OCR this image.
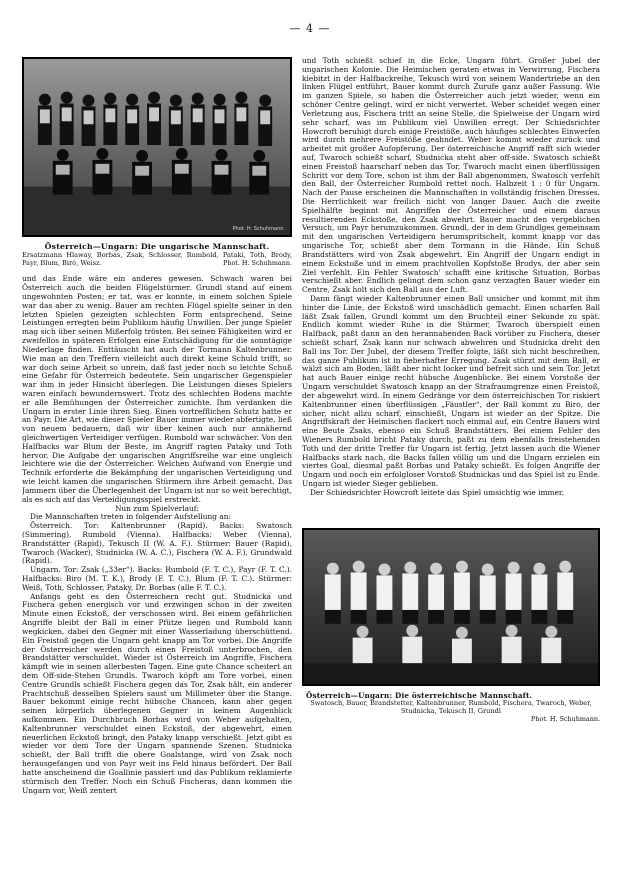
— 4 —
Phot. H. Schuhmann.
Österreich—Ungarn: Die ungarische Mannschaft.
Ersatzmann Hlaway, Borbás, Zsak, Schlosser, Rumbold, Pataki, Toth, Brody, Payr, Blum, Biró, Weisz.	Phot. H. Schuhmann.

und das Ende wäre ein anderes gewesen. Schwach waren bei Österreich auch die beiden Flügelstürmer. Grundl stand auf einem ungewohnten Posten; er tat, was er konnte, in einem solchen Spiele war das aber zu wenig. Bauer am rechten Flügel spielte seiner in den letzten Spielen gezeigten schlechten Form entsprechend. Seine Leistungen erregten beim Publikum häufig Unwillen. Der junge Spieler mag sich über seinen Mißerfolg trösten. Bei seinen Fähigkeiten wird er zweifellos in späteren Erfolgen eine Entschädigung für die sonntägige Niederlage finden. Enttäuscht hat auch der Tormann Kaltenbrunner. Wie man an den Treffern vielleicht auch direkt keine Schuld trifft, so war doch seine Arbeit so unrein, daß fast jeder noch so leichte Schuß eine Gefahr für Österreich bedeutete. Sein ungarischer Gegenspieler war ihm in jeder Hinsicht überlegen. Die Leistungen dieses Spielers waren einfach bewundernswert. Trotz des schlechten Bodens machte er alle Bemühungen der Österreicher zunichte. Ihm verdanken die Ungarn in erster Linie ihren Sieg. Einen vortrefflichen Schutz hatte er an Payr. Die Art, wie dieser Spieler Bauer immer wieder abfertigte, ließ von neuem bedauern, daß wir über keinen auch nur annähernd gleichwertigen Verteidiger verfügen. Rumbold war schwächer. Von den Halfbacks war Blum der Beste, im Angriff ragten Pataky und Toth hervor. Die Aufgabe der ungarischen Angriffsreihe war eine ungleich leichtere wie die der Österreicher. Welchen Aufwand von Energie und Technik erforderte die Bekämpfung der ungarischen Verteidigung und wie leicht kamen die ungarischen Stürmern ihre Arbeit gemacht. Das Jammern über die Überlegenheit der Ungarn ist nur so weit berechtigt, als es sich auf das Verteidigungsspiel erstreckt.

Nun zum Spielverlauf:

Die Mannschaften treten in folgender Aufstellung an:

Österreich. Tor: Kaltenbrunner (Rapid). Backs: Swatosch (Simmering), Rumbold (Vienna). Halfbacks: Weber (Vienna), Brandstätter (Rapid), Tekusch II (W. A. F.). Stürmer: Bauer (Rapid), Twaroch (Wacker), Studnicka (W. A. C.), Fischera (W. A. F.), Grundwald (Rapid).

Ungarn. Tor: Zsak („33er“). Backs: Rumbold (F. T. C.), Payr (F. T. C.). Halfbacks: Biro (M. T. K.), Brody (F. T. C.), Blum (F. T. C.). Stürmer: Weiß, Toth, Schlosser, Pataky, Dr. Borbas (alle F. T. C.).

Anfangs geht es den Österreichern recht gut. Studnicka und Fischera gehen energisch vor und erzwingen schon in der zweiten Minute einen Eckstoß, der verschossen wird. Bei einem gefährlichen Angriffe bleibt der Ball in einer Pfütze liegen und Rumbold kann wegkicken, dabei den Gegner mit einer Wasserladung überschüttend. Ein Freistoß gegen die Ungarn geht knapp am Tor vorbei. Die Angriffe der Österreicher werden durch einen Freistoß unterbrochen, den Brandstätter verschuldet. Wieder ist Österreich im Angriffe, Fischera kämpft wie in seinen allerbesten Tagen. Eine gute Chance scheitert an dem Off-side-Stehen Grundls. Twaroch köpft am Tore vorbei, einen Centre Grundls schießt Fischera gegen das Tor, Zsak hält, ein anderer Prachtschuß desselben Spielers saust um Millimeter über die Stange. Bauer bekommt einige recht hübsche Chancen, kann aber gegen seinen körperlich überlegenen Gegner in keinem Augenblick aufkommen. Ein Durchbruch Borbas wird von Weber aufgehalten, Kaltenbrunner verschuldet einen Eckstoß, der abgewehrt, einen neuerlichen Eckstoß bringt, den Pataky knapp verschießt. Jetzt gibt es wieder vor dem Tore der Ungarn spannende Szenen. Studnicka schießt, der Ball trifft die obere Goalstange, wird von Zsak noch herausgefangen und von Payr weit ins Feld hinaus befördert. Der Ball hatte anscheinend die Goallinie passiert und das Publikum reklamierte stürmisch den Treffer. Noch ein Schuß Fischeras, dann kommen die Ungarn vor, Weiß zentert

und Toth schießt schief in die Ecke, Ungarn führt. Großer Jubel der ungarischen Kolonie. Die Heimischen geraten etwas in Verwirrung, Fischera kiebitzt in der Halfbackreihe, Tekusch wird von seinem Wandertriebe an den linken Flügel entführt, Bauer kommt durch Zurufe ganz außer Fassung. Wie im ganzen Spiele, so haben die Österreicher auch jetzt wieder, wenn ein schöner Centre gelingt, wird er nicht verwertet. Weber scheidet wegen einer Verletzung aus, Fischera tritt an seine Stelle, die Spielweise der Ungarn wird sehr scharf, was im Publikum viel Unwillen erregt. Der Schiedsrichter Howcroft beruhigt durch einige Freistöße, auch häufiges schlechtes Einwerfen wird durch mehrere Freistöße geahndet. Weber kommt wieder zurück und arbeitet mit großer Aufopferung. Der österreichische Angriff rafft sich wieder auf, Twaroch schießt scharf, Studnicka steht aber off-side. Swatosch schießt einen Freistoß haarscharf neben das Tor, Twaroch macht einen überflüssigen Schritt vor dem Tore, schon ist ihm der Ball abgenommen, Swatosch verfehlt den Ball, der Österreicher Rumbold rettet noch. Halbzeit 1 : 0 für Ungarn. Nach der Pause erscheinen die Mannschaften in vollständig frischen Dresses. Die Herrlichkeit war freilich nicht von langer Dauer. Auch die zweite Spielhälfte beginnt mit Angriffen der Österreicher und einem daraus resultierenden Eckstoße, den Zsak abwehrt. Bauer macht den vergeblichen Versuch, um Payr herumzukommen. Grundl, der in dem Grundlges gemeinsam mit den ungarischen Verteidigern herumspritschelt, kommt knapp vor das ungarische Tor, schießt aber dem Tormann in die Hände. Ein Schuß Brandstätters wird von Zsak abgewehrt. Ein Angriff der Ungarn endigt in einem Eckstoße und in einem prachtvollen Kopfstoße Brodys, der aber sein Ziel verfehlt. Ein Fehler Swatosch' schafft eine kritische Situation, Borbas verschießt aber. Endlich gelingt dem schon ganz verzagten Bauer wieder ein Centre, Zsak holt sich den Ball aus der Luft.

Dann fängt wieder Kaltenbrunner einen Ball unsicher und kommt mit ihm hinter die Linie, der Eckstoß wird unschädlich gemacht. Einen scharfen Ball läßt Zsak fallen, Grundl kommt um den Bruchteil einer Sekunde zu spät. Endlich kommt wieder Ruhe in die Stürmer, Twaroch überspielt einen Halfback, paßt dann an den herannahenden Back vorüber zu Fischera, dieser schießt scharf, Zsak kann nur schwach abwehren und Studnicka dreht den Ball ins Tor. Der Jubel, der diesem Treffer folgte, läßt sich nicht beschreiben, das ganze Publikum ist in fieberhafter Erregung. Zsak stürzt mit dem Ball, er wälzt sich am Boden, läßt aber nicht locker und befreit sich und sein Tor. Jetzt hat auch Bauer einige recht hübsche Augenblicke. Bei einem Vorstoße der Ungarn verschuldet Swatosch knapp an der Strafraumgrenze einen Freistoß, der abgewehrt wird. In einem Gedränge vor dem österreichischen Tor riskiert Kaltenbrunner einen überflüssigen „Fäustler“, der Ball kommt zu Biro, der sicher, nicht allzu scharf, einschießt, Ungarn ist wieder an der Spitze. Die Angriffskraft der Heimischen flackert noch einmal auf, ein Centre Bauers wird eine Beute Zsaks, ebenso ein Schuß Brandstätters. Bei einem Fehler des Wieners Rumbold bricht Pataky durch, paßt zu dem ebenfalls freistehenden Toth und der dritte Treffer für Ungarn ist fertig. Jetzt lassen auch die Wiener Halfbacks stark nach, die Backs fallen völlig um und die Ungarn erzielen ein viertes Goal, diesmal paßt Borbas und Pataky schießt. Es folgen Angriffe der Ungarn und noch ein erfolgloser Vorstoß Studnickas und das Spiel ist zu Ende. Ungarn ist wieder Sieger geblieben.

Der Schiedsrichter Howcroft leitete das Spiel umsichtig wie immer.

Österreich—Ungarn: Die österreichische Mannschaft.
Swatosch, Bauer, Brandstetter, Kaltenbrunner, Rumbold, Fischera, Twaroch, Weber, Studnicka, Tekusch II, Grundl
Phot. H. Schuhmann.
